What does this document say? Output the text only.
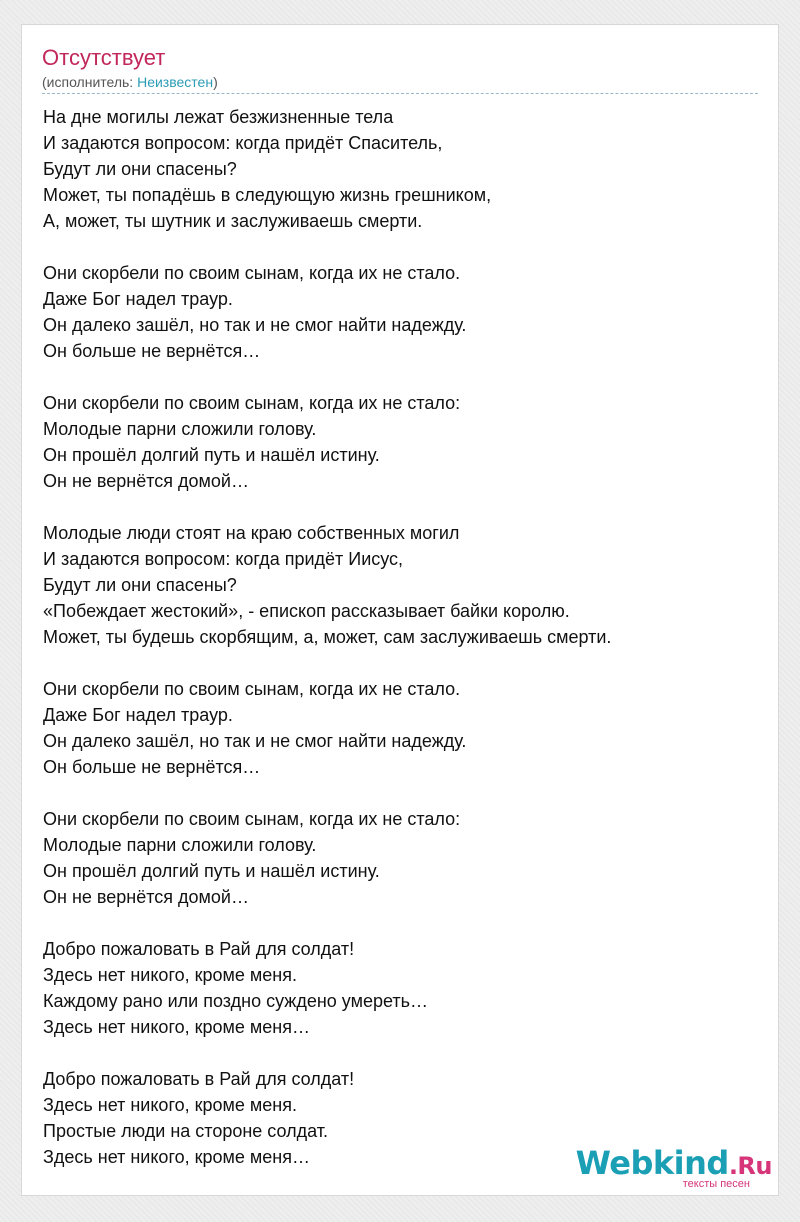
Отсутствует
(исполнитель: Неизвестен)
На дне могилы лежат безжизненные тела
И задаются вопросом: когда придёт Спаситель,
Будут ли они спасены?
Может, ты попадёшь в следующую жизнь грешником,
А, может, ты шутник и заслуживаешь смерти.
Они скорбели по своим сынам, когда их не стало.
Даже Бог надел траур.
Он далеко зашёл, но так и не смог найти надежду.
Он больше не вернётся…
Они скорбели по своим сынам, когда их не стало:
Молодые парни сложили голову.
Он прошёл долгий путь и нашёл истину.
Он не вернётся домой…
Молодые люди стоят на краю собственных могил
И задаются вопросом: когда придёт Иисус,
Будут ли они спасены?
«Побеждает жестокий», - епископ рассказывает байки королю.
Может, ты будешь скорбящим, а, может, сам заслуживаешь смерти.
Они скорбели по своим сынам, когда их не стало.
Даже Бог надел траур.
Он далеко зашёл, но так и не смог найти надежду.
Он больше не вернётся…
Они скорбели по своим сынам, когда их не стало:
Молодые парни сложили голову.
Он прошёл долгий путь и нашёл истину.
Он не вернётся домой…
Добро пожаловать в Рай для солдат!
Здесь нет никого, кроме меня.
Каждому рано или поздно суждено умереть…
Здесь нет никого, кроме меня…
Добро пожаловать в Рай для солдат!
Здесь нет никого, кроме меня.
Простые люди на стороне солдат.
Здесь нет никого, кроме меня…	Webkind.Ru
тексты песен
